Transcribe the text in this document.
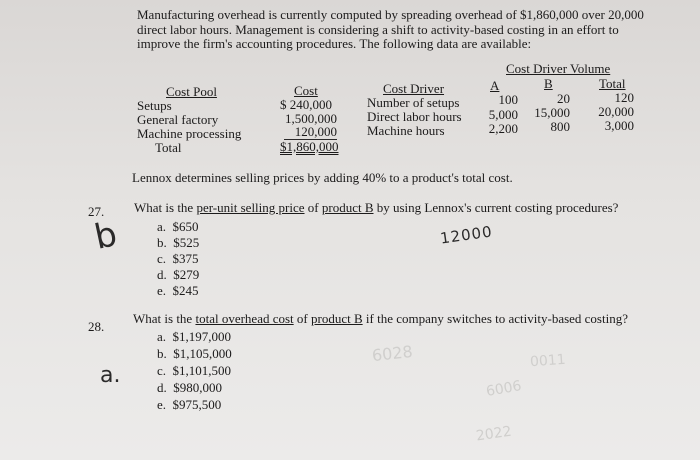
Manufacturing overhead is currently computed by spreading overhead of $1,860,000 over 20,000 direct labor hours. Management is considering a shift to activity-based costing in an effort to improve the firm's accounting procedures. The following data are available:
Cost Driver Volume
Cost Pool	Cost	Cost Driver	A	B	Total
Setups	$ 240,000	Number of setups	100	20	120
General factory	1,500,000 Direct labor hours	5,000	15,000	20,000
Machine processing	120,000 Machine hours	2,200	800	3,000
Total	$1,860,000
Lennox determines selling prices by adding 40% to a product's total cost.
27. What is the per-unit selling price of product B by using Lennox's current costing procedures?
a. $650
b. $525
c. $375
d. $279
e. $245
28.
What is the total overhead cost of product B if the company switches to activity-based costing?
a. $1,197,000
b. $1,105,000
c. $1,101,500
d. $980,000
e. $975,500
b	12000
a.
6028	0011
6006
2022
